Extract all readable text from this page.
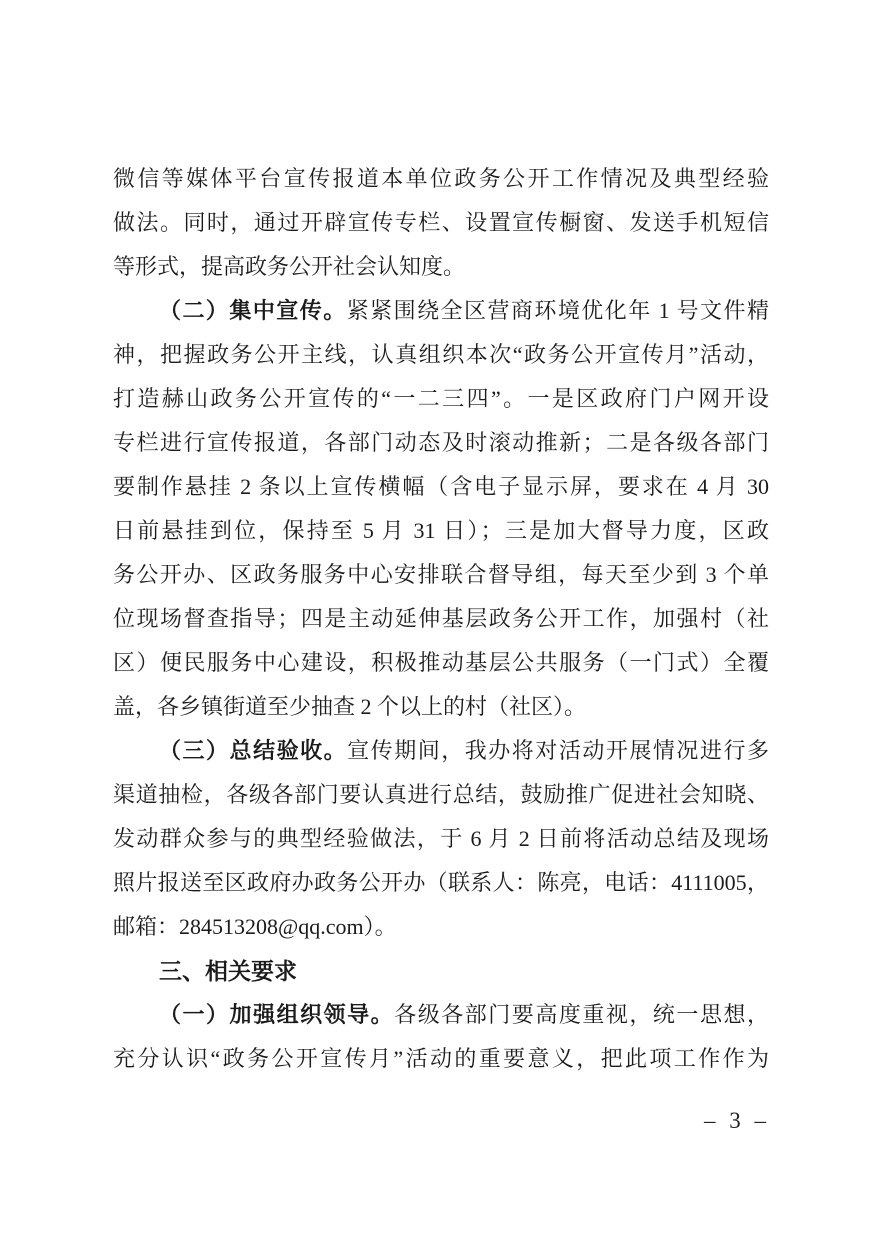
微信等媒体平台宣传报道本单位政务公开工作情况及典型经验
做法。同时，通过开辟宣传专栏、设置宣传橱窗、发送手机短信
等形式，提高政务公开社会认知度。
（二）集中宣传。紧紧围绕全区营商环境优化年 1 号文件精
神，把握政务公开主线，认真组织本次“政务公开宣传月”活动，
打造赫山政务公开宣传的“一二三四”。一是区政府门户网开设
专栏进行宣传报道，各部门动态及时滚动推新；二是各级各部门
要制作悬挂 2 条以上宣传横幅（含电子显示屏，要求在 4 月 30
日前悬挂到位，保持至 5 月 31 日）；三是加大督导力度，区政
务公开办、区政务服务中心安排联合督导组，每天至少到 3 个单
位现场督查指导；四是主动延伸基层政务公开工作，加强村（社
区）便民服务中心建设，积极推动基层公共服务（一门式）全覆
盖，各乡镇街道至少抽查 2 个以上的村（社区）。
（三）总结验收。宣传期间，我办将对活动开展情况进行多
渠道抽检，各级各部门要认真进行总结，鼓励推广促进社会知晓、
发动群众参与的典型经验做法，于 6 月 2 日前将活动总结及现场
照片报送至区政府办政务公开办（联系人：陈亮，电话：4111005，
邮箱：284513208@qq.com）。
三、相关要求
（一）加强组织领导。各级各部门要高度重视，统一思想，
充分认识“政务公开宣传月”活动的重要意义，把此项工作作为
– 3 –
